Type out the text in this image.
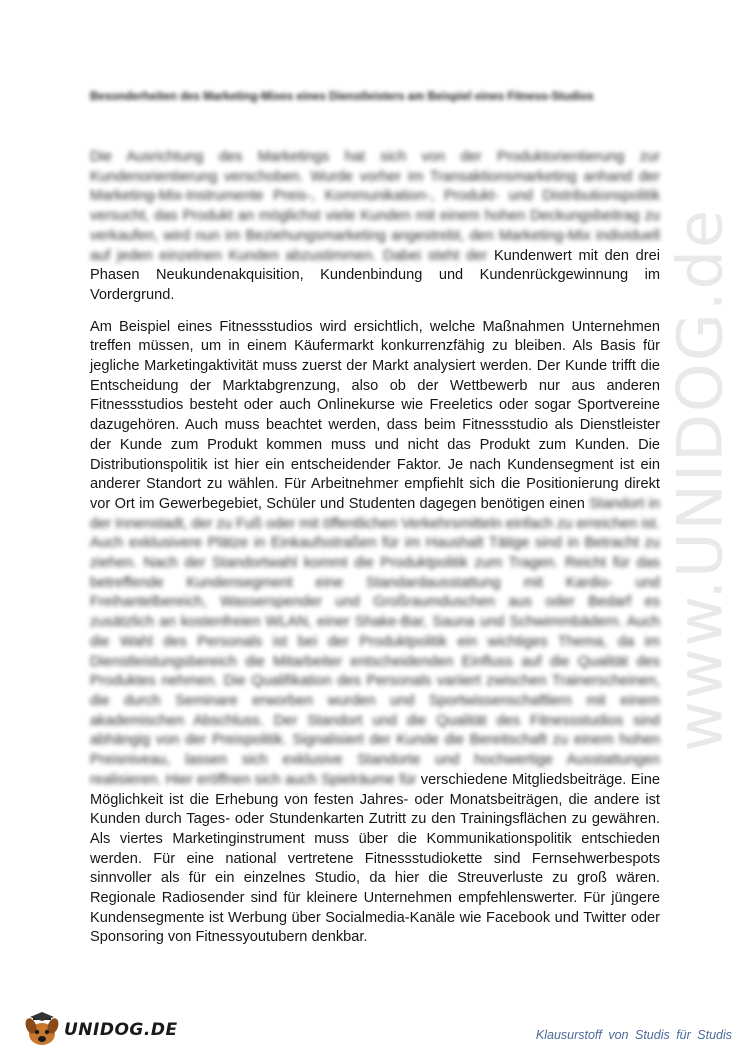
www.UNIDOG.de
Besonderheiten des Marketing-Mixes eines Dienstleisters am Beispiel eines Fitness-Studios

Die Ausrichtung des Marketings hat sich von der Produktorientierung zur Kundenorientierung verschoben. Wurde vorher im Transaktionsmarketing anhand der Marketing-Mix-Instrumente Preis-, Kommunikation-, Produkt- und Distributionspolitik versucht, das Produkt an möglichst viele Kunden mit einem hohen Deckungsbeitrag zu verkaufen, wird nun im Beziehungsmarketing angestrebt, den Marketing-Mix individuell auf jeden einzelnen Kunden abzustimmen. Dabei steht der Kundenwert mit den drei Phasen Neukundenakquisition, Kundenbindung und Kundenrückgewinnung im Vordergrund.

Am Beispiel eines Fitnessstudios wird ersichtlich, welche Maßnahmen Unternehmen treffen müssen, um in einem Käufermarkt konkurrenzfähig zu bleiben. Als Basis für jegliche Marketingaktivität muss zuerst der Markt analysiert werden. Der Kunde trifft die Entscheidung der Marktabgrenzung, also ob der Wettbewerb nur aus anderen Fitnessstudios besteht oder auch Onlinekurse wie Freeletics oder sogar Sportvereine dazugehören. Auch muss beachtet werden, dass beim Fitnessstudio als Dienstleister der Kunde zum Produkt kommen muss und nicht das Produkt zum Kunden. Die Distributionspolitik ist hier ein entscheidender Faktor. Je nach Kundensegment ist ein anderer Standort zu wählen. Für Arbeitnehmer empfiehlt sich die Positionierung direkt vor Ort im Gewerbegebiet, Schüler und Studenten dagegen benötigen einen Standort in der Innenstadt, der zu Fuß oder mit öffentlichen Verkehrsmitteln einfach zu erreichen ist. Auch exklusivere Plätze in Einkaufsstraßen für im Haushalt Tätige sind in Betracht zu ziehen. Nach der Standortwahl kommt die Produktpolitik zum Tragen. Reicht für das betreffende Kundensegment eine Standardausstattung mit Kardio- und Freihantelbereich, Wasserspender und Großraumduschen aus oder Bedarf es zusätzlich an kostenfreien WLAN, einer Shake-Bar, Sauna und Schwimmbädern. Auch die Wahl des Personals ist bei der Produktpolitik ein wichtiges Thema, da im Dienstleistungsbereich die Mitarbeiter entscheidenden Einfluss auf die Qualität des Produktes nehmen. Die Qualifikation des Personals variiert zwischen Trainerscheinen, die durch Seminare erworben wurden und Sportwissenschaftlern mit einem akademischen Abschluss. Der Standort und die Qualität des Fitnessstudios sind abhängig von der Preispolitik. Signalisiert der Kunde die Bereitschaft zu einem hohen Preisniveau, lassen sich exklusive Standorte und hochwertige Ausstattungen realisieren. Hier eröffnen sich auch Spielräume für verschiedene Mitgliedsbeiträge. Eine Möglichkeit ist die Erhebung von festen Jahres- oder Monatsbeiträgen, die andere ist Kunden durch Tages- oder Stundenkarten Zutritt zu den Trainingsflächen zu gewähren. Als viertes Marketinginstrument muss über die Kommunikationspolitik entschieden werden. Für eine national vertretene Fitnessstudiokette sind Fernsehwerbespots sinnvoller als für ein einzelnes Studio, da hier die Streuverluste zu groß wären. Regionale Radiosender sind für kleinere Unternehmen empfehlenswerter. Für jüngere Kundensegmente ist Werbung über Socialmedia-Kanäle wie Facebook und Twitter oder Sponsoring von Fitnessyoutubern denkbar.

UNIDOG.DE	Klausurstoff von Studis für Studis
